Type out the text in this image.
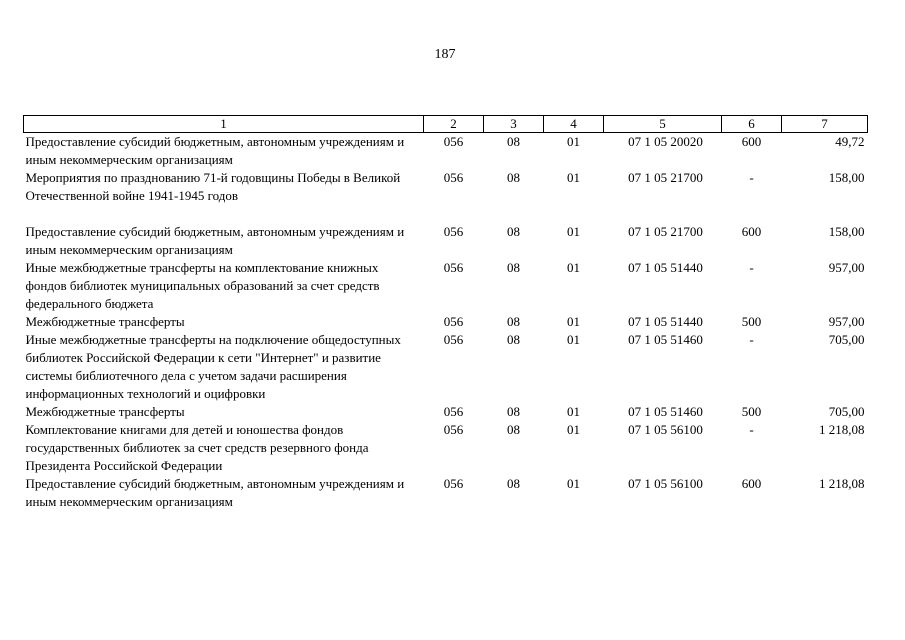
187
1	2	3	4	5	6	7
Предоставление субсидий бюджетным, автономным учреждениям и иным некоммерческим организациям	056	08	01	07 1 05 20020	600	49,72
Мероприятия по празднованию 71-й годовщины Победы в Великой Отечественной войне 1941-1945 годов	056	08	01	07 1 05 21700	-	158,00
Предоставление субсидий бюджетным, автономным учреждениям и иным некоммерческим организациям	056	08	01	07 1 05 21700	600	158,00
Иные межбюджетные трансферты на комплектование книжных фондов библиотек муниципальных образований за счет средств федерального бюджета	056	08	01	07 1 05 51440	-	957,00
Межбюджетные трансферты	056	08	01	07 1 05 51440	500	957,00
Иные межбюджетные трансферты на подключение общедоступных библиотек Российской Федерации к сети "Интернет" и развитие системы библиотечного дела с учетом задачи расширения информационных технологий и оцифровки	056	08	01	07 1 05 51460	-	705,00
Межбюджетные трансферты	056	08	01	07 1 05 51460	500	705,00
Комплектование книгами для детей и юношества фондов государственных библиотек за счет средств резервного фонда Президента Российской Федерации	056	08	01	07 1 05 56100	-	1 218,08
Предоставление субсидий бюджетным, автономным учреждениям и иным некоммерческим организациям	056	08	01	07 1 05 56100	600	1 218,08
